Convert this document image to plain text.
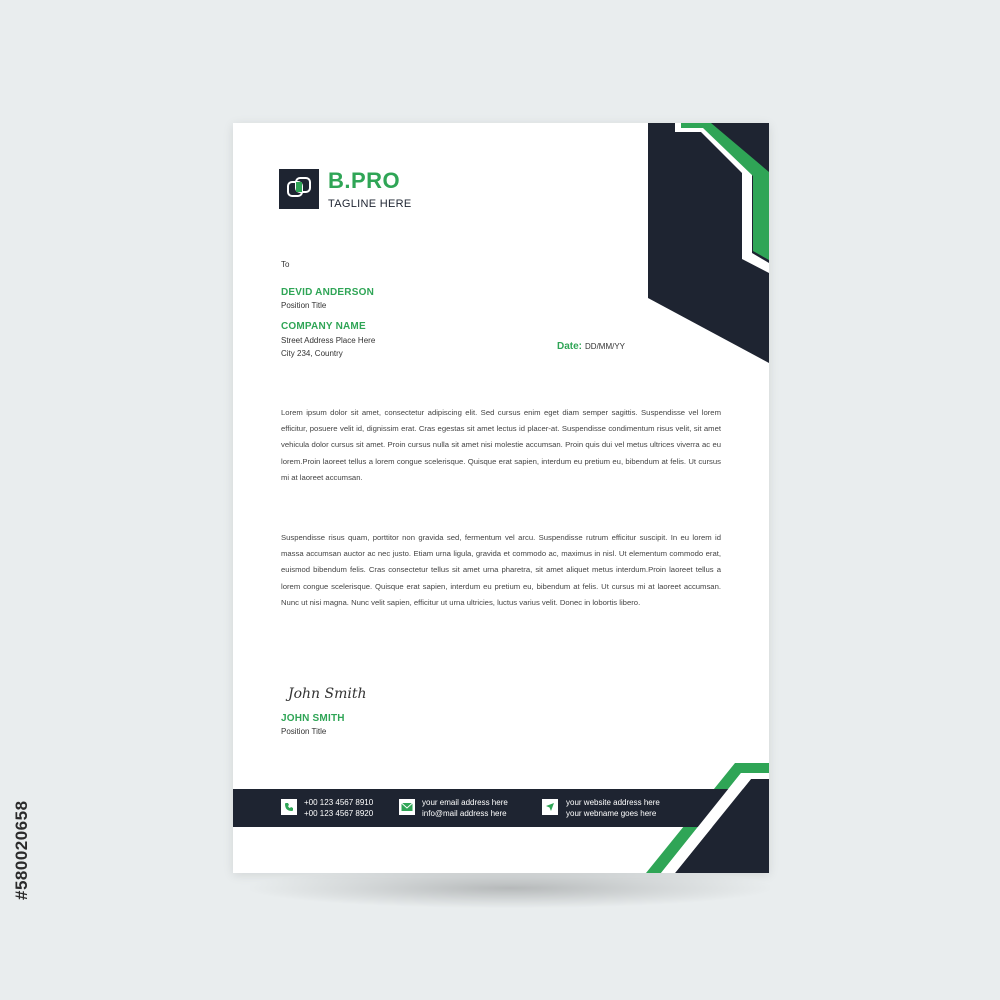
B.PRO
TAGLINE HERE
To
DEVID ANDERSON
Position Title
COMPANY NAME
Street Address Place Here
City 234, Country
Date: DD/MM/YY

Lorem ipsum dolor sit amet, consectetur adipiscing elit. Sed cursus enim eget diam semper sagittis. Suspendisse vel lorem efficitur, posuere velit id, dignissim erat. Cras egestas sit amet lectus id placer-at. Suspendisse condimentum risus velit, sit amet vehicula dolor cursus sit amet. Proin cursus nulla sit amet nisi molestie accumsan. Proin quis dui vel metus ultrices viverra ac eu lorem.Proin laoreet tellus a lorem congue scelerisque. Quisque erat sapien, interdum eu pretium eu, bibendum at felis. Ut cursus mi at laoreet accumsan.

Suspendisse risus quam, porttitor non gravida sed, fermentum vel arcu. Suspendisse rutrum efficitur suscipit. In eu lorem id massa accumsan auctor ac nec justo. Etiam urna ligula, gravida et commodo ac, maximus in nisl. Ut elementum commodo erat, euismod bibendum felis. Cras consectetur tellus sit amet urna pharetra, sit amet aliquet metus interdum.Proin laoreet tellus a lorem congue scelerisque. Quisque erat sapien, interdum eu pretium eu, bibendum at felis. Ut cursus mi at laoreet accumsan. Nunc ut nisi magna. Nunc velit sapien, efficitur ut urna ultricies, luctus varius velit. Donec in lobortis libero.

John Smith
JOHN SMITH
Position Title
+00 123 4567 8910
+00 123 4567 8920
your email address here
info@mail address here
your website address here
your webname goes here
#580020658
